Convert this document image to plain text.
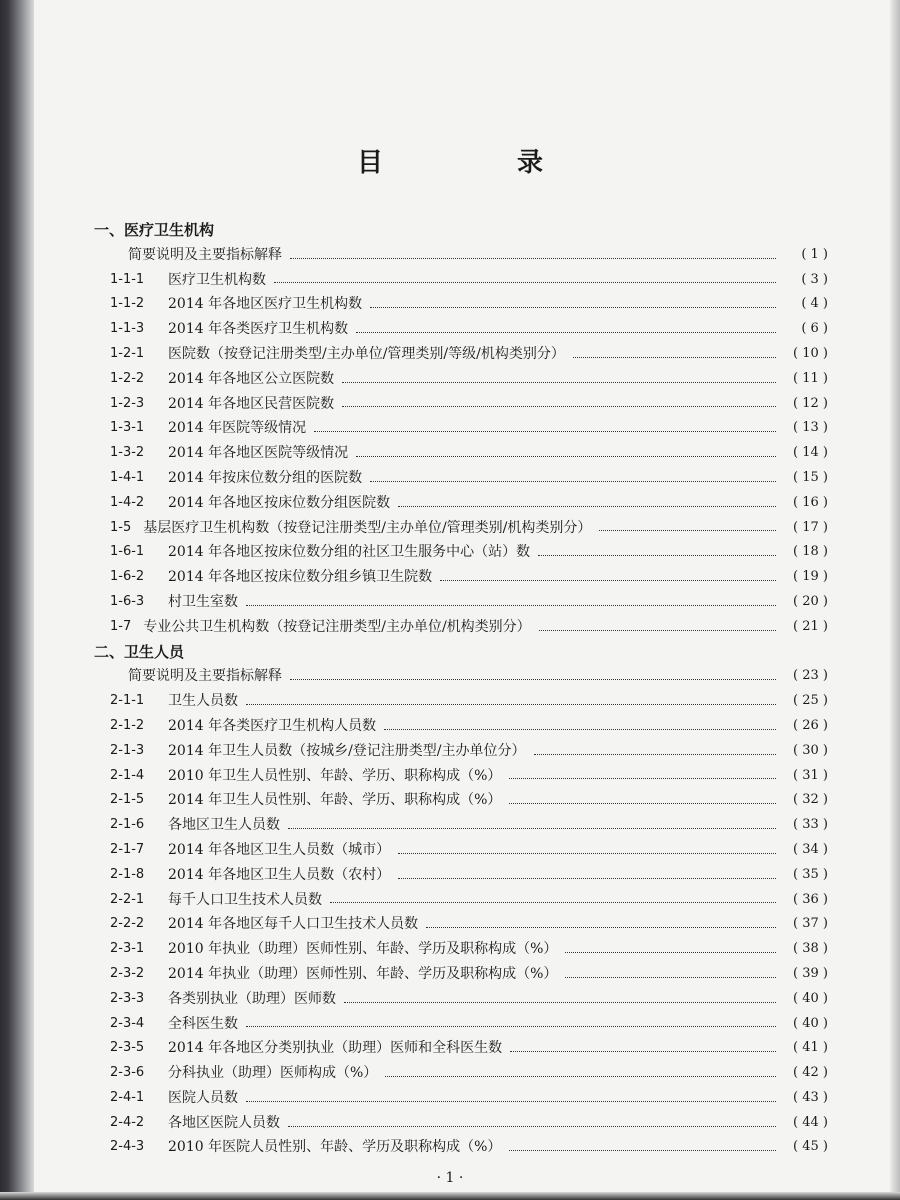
目　录
一、医疗卫生机构
简要说明及主要指标解释	( 1 )
1-1-1	医疗卫生机构数	( 3 )
1-1-2	2014 年各地区医疗卫生机构数	( 4 )
1-1-3	2014 年各类医疗卫生机构数	( 6 )
1-2-1	医院数（按登记注册类型/主办单位/管理类别/等级/机构类别分）	( 10 )
1-2-2	2014 年各地区公立医院数	( 11 )
1-2-3	2014 年各地区民营医院数	( 12 )
1-3-1	2014 年医院等级情况	( 13 )
1-3-2	2014 年各地区医院等级情况	( 14 )
1-4-1	2014 年按床位数分组的医院数	( 15 )
1-4-2	2014 年各地区按床位数分组医院数	( 16 )
1-5 基层医疗卫生机构数（按登记注册类型/主办单位/管理类别/机构类别分）	( 17 )
1-6-1	2014 年各地区按床位数分组的社区卫生服务中心（站）数	( 18 )
1-6-2	2014 年各地区按床位数分组乡镇卫生院数	( 19 )
1-6-3	村卫生室数	( 20 )
1-7 专业公共卫生机构数（按登记注册类型/主办单位/机构类别分）	( 21 )
二、卫生人员
简要说明及主要指标解释	( 23 )
2-1-1	卫生人员数	( 25 )
2-1-2	2014 年各类医疗卫生机构人员数	( 26 )
2-1-3	2014 年卫生人员数（按城乡/登记注册类型/主办单位分）	( 30 )
2-1-4	2010 年卫生人员性别、年龄、学历、职称构成（%）	( 31 )
2-1-5	2014 年卫生人员性别、年龄、学历、职称构成（%）	( 32 )
2-1-6	各地区卫生人员数	( 33 )
2-1-7	2014 年各地区卫生人员数（城市）	( 34 )
2-1-8	2014 年各地区卫生人员数（农村）	( 35 )
2-2-1	每千人口卫生技术人员数	( 36 )
2-2-2	2014 年各地区每千人口卫生技术人员数	( 37 )
2-3-1	2010 年执业（助理）医师性别、年龄、学历及职称构成（%）	( 38 )
2-3-2	2014 年执业（助理）医师性别、年龄、学历及职称构成（%）	( 39 )
2-3-3	各类别执业（助理）医师数	( 40 )
2-3-4	全科医生数	( 40 )
2-3-5	2014 年各地区分类别执业（助理）医师和全科医生数	( 41 )
2-3-6	分科执业（助理）医师构成（%）	( 42 )
2-4-1	医院人员数	( 43 )
2-4-2	各地区医院人员数	( 44 )
2-4-3	2010 年医院人员性别、年龄、学历及职称构成（%）	( 45 )
· 1 ·
